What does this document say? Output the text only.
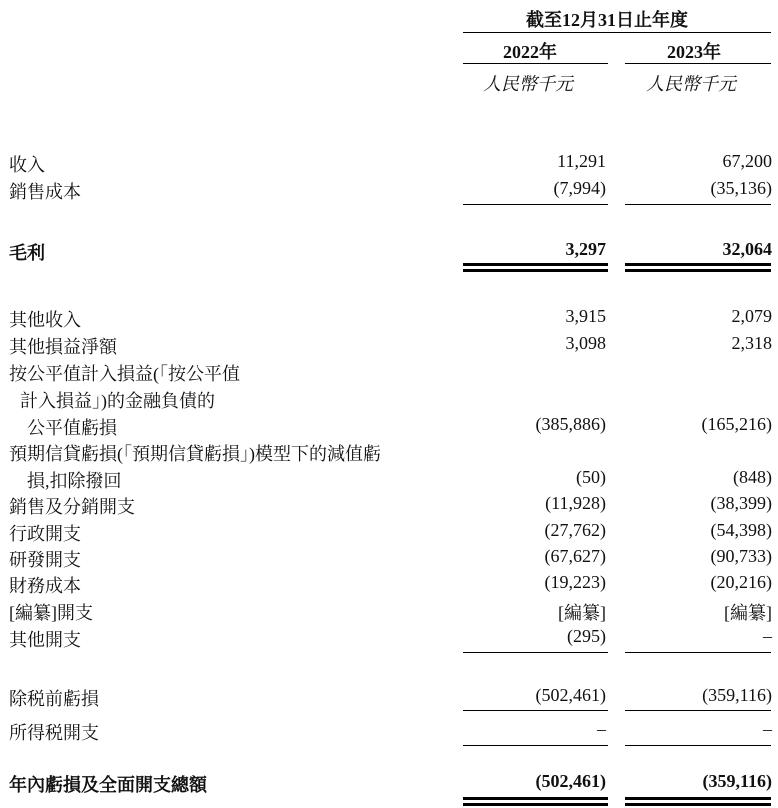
截至12月31日止年度
2022年	2023年
人民幣千元	人民幣千元
收入	11,291	67,200
銷售成本	(7,994)	(35,136)
毛利	3,297	32,064
其他收入	3,915	2,079
其他損益淨額	3,098	2,318
按公平值計入損益(「按公平值
計入損益」)的金融負債的
公平值虧損	(385,886)	(165,216)
預期信貸虧損(「預期信貸虧損」)模型下的減值虧
損,扣除撥回	(50)	(848)
銷售及分銷開支	(11,928)	(38,399)
行政開支	(27,762)	(54,398)
研發開支	(67,627)	(90,733)
財務成本	(19,223)	(20,216)
[編纂]開支	[編纂]	[編纂]
其他開支	(295)	–
除税前虧損	(502,461)	(359,116)
所得税開支	–	–
年內虧損及全面開支總額	(502,461)	(359,116)
